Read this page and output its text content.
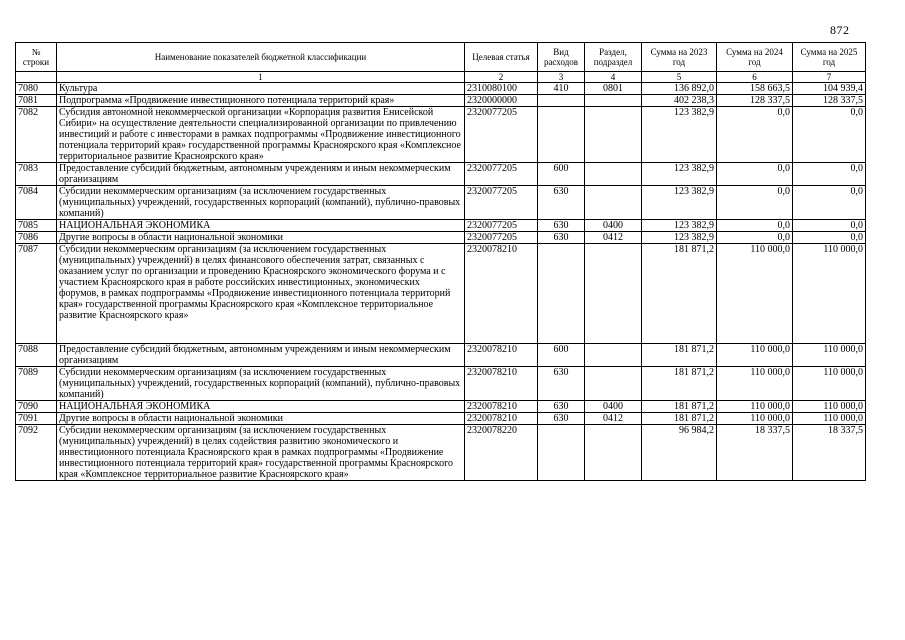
872
№ строки	Наименование показателей бюджетной классификации	Целевая статья	Вид расходов	Раздел, подраздел	Сумма на 2023 год	Сумма на 2024 год	Сумма на 2025 год
	1	2	3	4	5	6	7
7080	Культура	2310080100	410	0801	136 892,0	158 663,5	104 939,4
7081	Подпрограмма «Продвижение инвестиционного потенциала территорий края»	2320000000			402 238,3	128 337,5	128 337,5
7082	Субсидия автономной некоммерческой организации «Корпорация развития Енисейской Сибири» на осуществление деятельности специализированной организации по привлечению инвестиций и работе с инвесторами в рамках подпрограммы «Продвижение инвестиционного потенциала территорий края» государственной программы Красноярского края «Комплексное территориальное развитие Красноярского края»	2320077205			123 382,9	0,0	0,0
7083	Предоставление субсидий бюджетным, автономным учреждениям и иным некоммерческим организациям	2320077205	600		123 382,9	0,0	0,0
7084	Субсидии некоммерческим организациям (за исключением государственных (муниципальных) учреждений, государственных корпораций (компаний), публично-правовых компаний)	2320077205	630		123 382,9	0,0	0,0
7085	НАЦИОНАЛЬНАЯ ЭКОНОМИКА	2320077205	630	0400	123 382,9	0,0	0,0
7086	Другие вопросы в области национальной экономики	2320077205	630	0412	123 382,9	0,0	0,0
7087	Субсидии некоммерческим организациям (за исключением государственных (муниципальных) учреждений) в целях финансового обеспечения затрат, связанных с оказанием услуг по организации и проведению Красноярского экономического форума и с участием Красноярского края в работе российских инвестиционных, экономических форумов, в рамках подпрограммы «Продвижение инвестиционного потенциала территорий края» государственной программы Красноярского края «Комплексное территориальное развитие Красноярского края»	2320078210			181 871,2	110 000,0	110 000,0
7088	Предоставление субсидий бюджетным, автономным учреждениям и иным некоммерческим организациям	2320078210	600		181 871,2	110 000,0	110 000,0
7089	Субсидии некоммерческим организациям (за исключением государственных (муниципальных) учреждений, государственных корпораций (компаний), публично-правовых компаний)	2320078210	630		181 871,2	110 000,0	110 000,0
7090	НАЦИОНАЛЬНАЯ ЭКОНОМИКА	2320078210	630	0400	181 871,2	110 000,0	110 000,0
7091	Другие вопросы в области национальной экономики	2320078210	630	0412	181 871,2	110 000,0	110 000,0
7092	Субсидии некоммерческим организациям (за исключением государственных (муниципальных) учреждений) в целях содействия развитию экономического и инвестиционного потенциала Красноярского края в рамках подпрограммы «Продвижение инвестиционного потенциала территорий края» государственной программы Красноярского края «Комплексное территориальное развитие Красноярского края»	2320078220			96 984,2	18 337,5	18 337,5
